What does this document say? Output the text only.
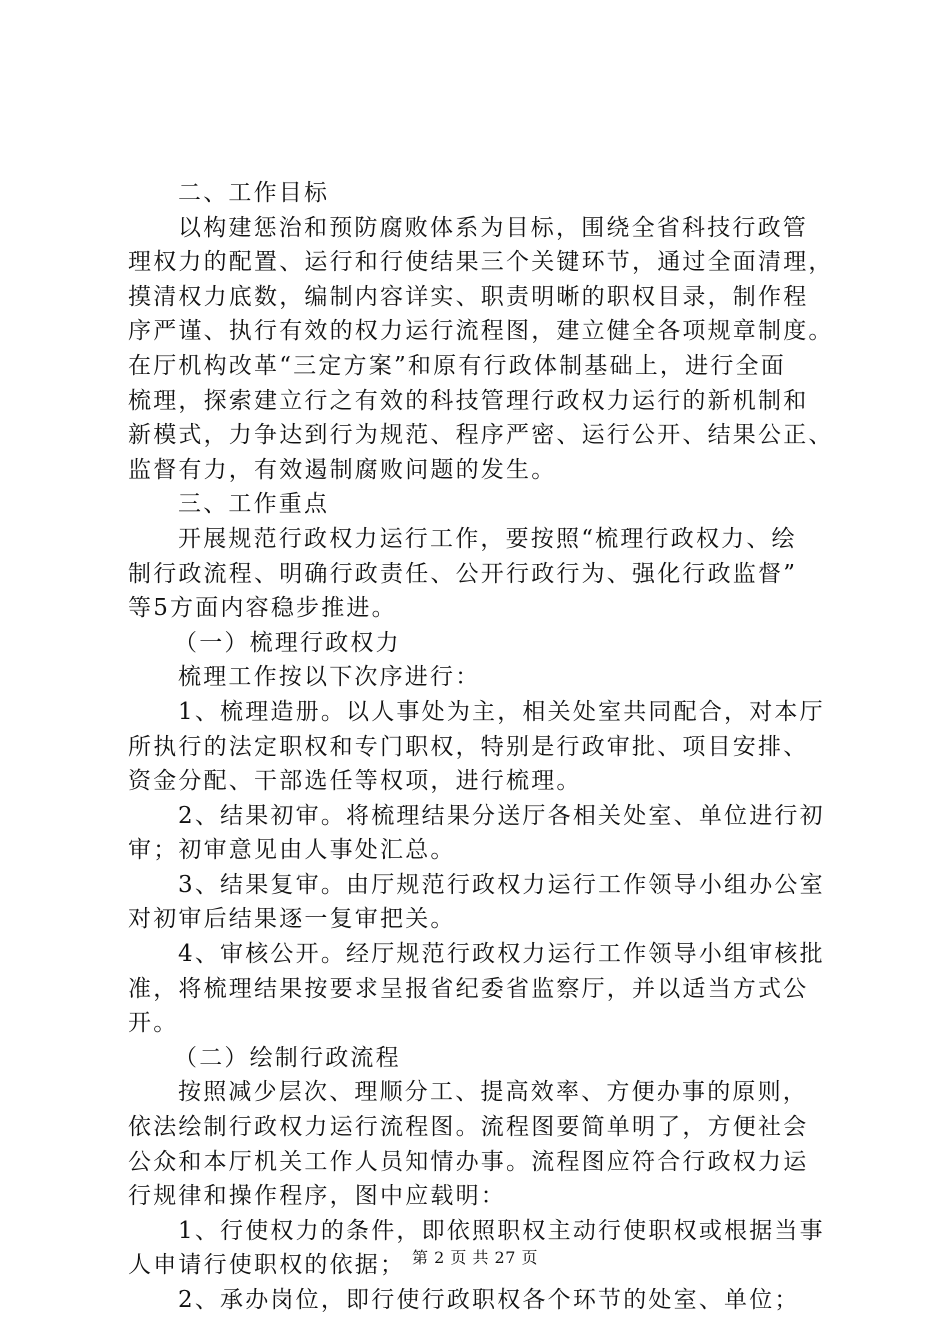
二、工作目标
以构建惩治和预防腐败体系为目标，围绕全省科技行政管
理权力的配置、运行和行使结果三个关键环节，通过全面清理，
摸清权力底数，编制内容详实、职责明晰的职权目录，制作程
序严谨、执行有效的权力运行流程图，建立健全各项规章制度。
在厅机构改革“三定方案”和原有行政体制基础上，进行全面
梳理，探索建立行之有效的科技管理行政权力运行的新机制和
新模式，力争达到行为规范、程序严密、运行公开、结果公正、
监督有力，有效遏制腐败问题的发生。
三、工作重点
开展规范行政权力运行工作，要按照“梳理行政权力、绘
制行政流程、明确行政责任、公开行政行为、强化行政监督”
等5方面内容稳步推进。
（一）梳理行政权力
梳理工作按以下次序进行：
1、梳理造册。以人事处为主，相关处室共同配合，对本厅
所执行的法定职权和专门职权，特别是行政审批、项目安排、
资金分配、干部选任等权项，进行梳理。
2、结果初审。将梳理结果分送厅各相关处室、单位进行初
审；初审意见由人事处汇总。
3、结果复审。由厅规范行政权力运行工作领导小组办公室
对初审后结果逐一复审把关。
4、审核公开。经厅规范行政权力运行工作领导小组审核批
准，将梳理结果按要求呈报省纪委省监察厅，并以适当方式公
开。
（二）绘制行政流程
按照减少层次、理顺分工、提高效率、方便办事的原则，
依法绘制行政权力运行流程图。流程图要简单明了，方便社会
公众和本厅机关工作人员知情办事。流程图应符合行政权力运
行规律和操作程序，图中应载明：
1、行使权力的条件，即依照职权主动行使职权或根据当事
人申请行使职权的依据；
2、承办岗位，即行使行政职权各个环节的处室、单位；
第 2 页 共 27 页
